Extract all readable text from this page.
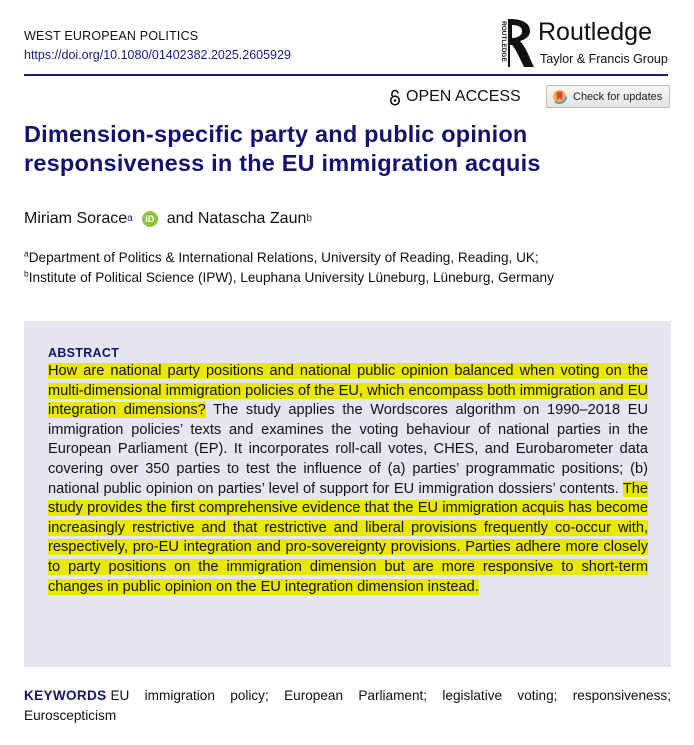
WEST EUROPEAN POLITICS
https://doi.org/10.1080/01402382.2025.2605929	ROUTLEDGE Routledge
Taylor & Francis Group
OPEN ACCESS	Check for updates
Dimension-specific party and public opinion responsiveness in the EU immigration acquis
Miriam Sorace a	iD and
Natascha Zaun b
$^a$Department of Politics & International Relations, University of Reading, Reading, UK;
$^b$Institute of Political Science (IPW), Leuphana University Lüneburg, Lüneburg, Germany
ABSTRACT
How are national party positions and national public opinion balanced when voting on the multi-dimensional immigration policies of the EU, which encompass both immigration and EU integration dimensions? The study applies the Wordscores algorithm on 1990–2018 EU immigration policies’ texts and examines the voting behaviour of national parties in the European Parliament (EP). It incorporates roll-call votes, CHES, and Eurobarometer data covering over 350 parties to test the influence of (a) parties’ programmatic positions; (b) national public opinion on parties’ level of support for EU immigration dossiers’ contents. The study provides the first comprehensive evidence that the EU immigration acquis has become increasingly restrictive and that restrictive and liberal provisions frequently co-occur with, respectively, pro-EU integration and pro-sovereignty provisions. Parties adhere more closely to party positions on the immigration dimension but are more responsive to short-term changes in public opinion on the EU integration dimension instead.
KEYWORDS EU immigration policy; European Parliament; legislative voting; responsiveness; Euroscepticism
